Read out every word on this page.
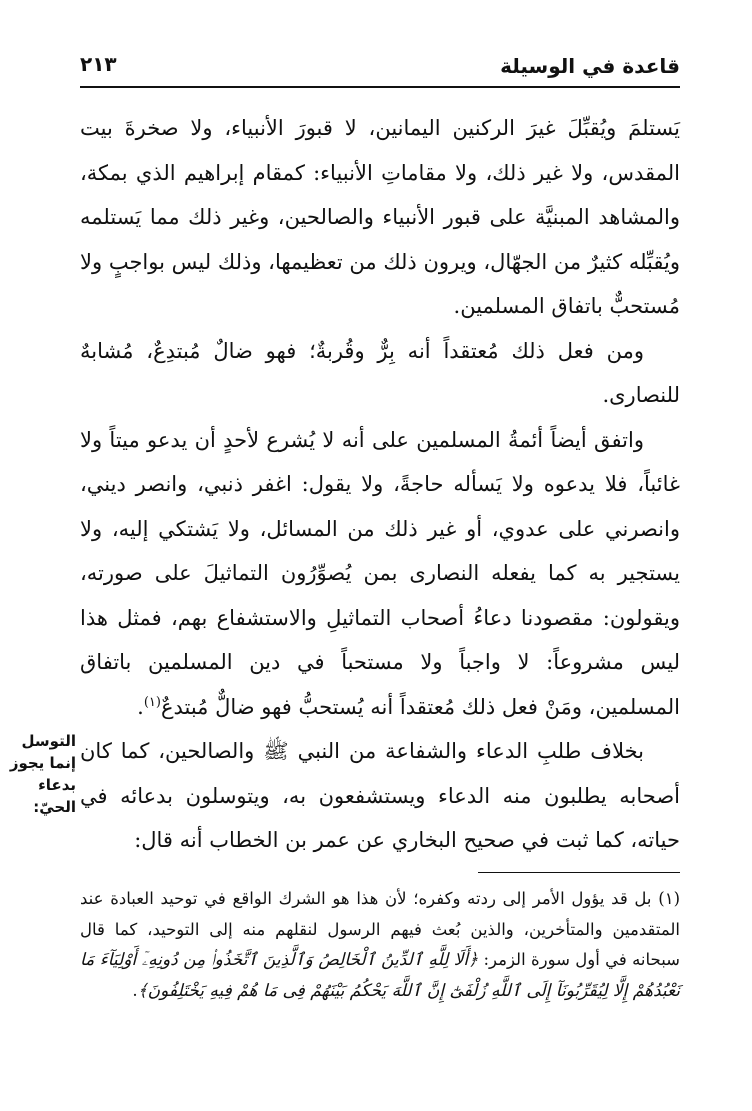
قاعدة في الوسيلة
٢١٣

يَستلمَ ويُقبِّلَ غيرَ الركنين اليمانين، لا قبورَ الأنبياء، ولا صخرةَ بيت المقدس، ولا غير ذلك، ولا مقاماتِ الأنبياء: كمقام إبراهيم الذي بمكة، والمشاهد المبنيَّة على قبور الأنبياء والصالحين، وغير ذلك مما يَستلمه ويُقبِّله كثيرٌ من الجهّال، ويرون ذلك من تعظيمها، وذلك ليس بواجبٍ ولا مُستحبٌّ باتفاق المسلمين.

ومن فعل ذلك مُعتقداً أنه بِرٌّ وقُربةٌ؛ فهو ضالٌ مُبتدِعٌ، مُشابهٌ للنصارى.

واتفق أيضاً أئمةُ المسلمين على أنه لا يُشرع لأحدٍ أن يدعو ميتاً ولا غائباً، فلا يدعوه ولا يَسأله حاجةً، ولا يقول: اغفر ذنبي، وانصر ديني، وانصرني على عدوي، أو غير ذلك من المسائل، ولا يَشتكي إليه، ولا يستجير به كما يفعله النصارى بمن يُصوِّرُون التماثيلَ على صورته، ويقولون: مقصودنا دعاءُ أصحاب التماثيلِ والاستشفاع بهم، فمثل هذا ليس مشروعاً: لا واجباً ولا مستحباً في دين المسلمين باتفاق المسلمين، ومَنْ فعل ذلك مُعتقداً أنه يُستحبُّ فهو ضالٌّ مُبتدعٌ$^{(١)}$.

بخلاف طلبِ الدعاء والشفاعة من النبي ﷺ والصالحين، كما كان أصحابه يطلبون منه الدعاء ويستشفعون به، ويتوسلون بدعائه في حياته، كما ثبت في صحيح البخاري عن عمر بن الخطاب أنه قال:

التوسل
إنما يجوز
بدعاء
الحيّ:

(١) بل قد يؤول الأمر إلى ردته وكفره؛ لأن هذا هو الشرك الواقع في توحيد العبادة عند المتقدمين والمتأخرين، والذين بُعث فيهم الرسول لنقلهم منه إلى التوحيد، كما قال سبحانه في أول سورة الزمر: ﴿أَلَا لِلَّهِ ٱلدِّينُ ٱلْخَالِصُ وَٱلَّذِينَ ٱتَّخَذُوا۟ مِن دُونِهِۦٓ أَوْلِيَآءَ مَا نَعْبُدُهُمْ إِلَّا لِيُقَرِّبُونَآ إِلَى ٱللَّهِ زُلْفَىٰٓ إِنَّ ٱللَّهَ يَحْكُمُ بَيْنَهُمْ فِى مَا هُمْ فِيهِ يَخْتَلِفُونَ﴾.
